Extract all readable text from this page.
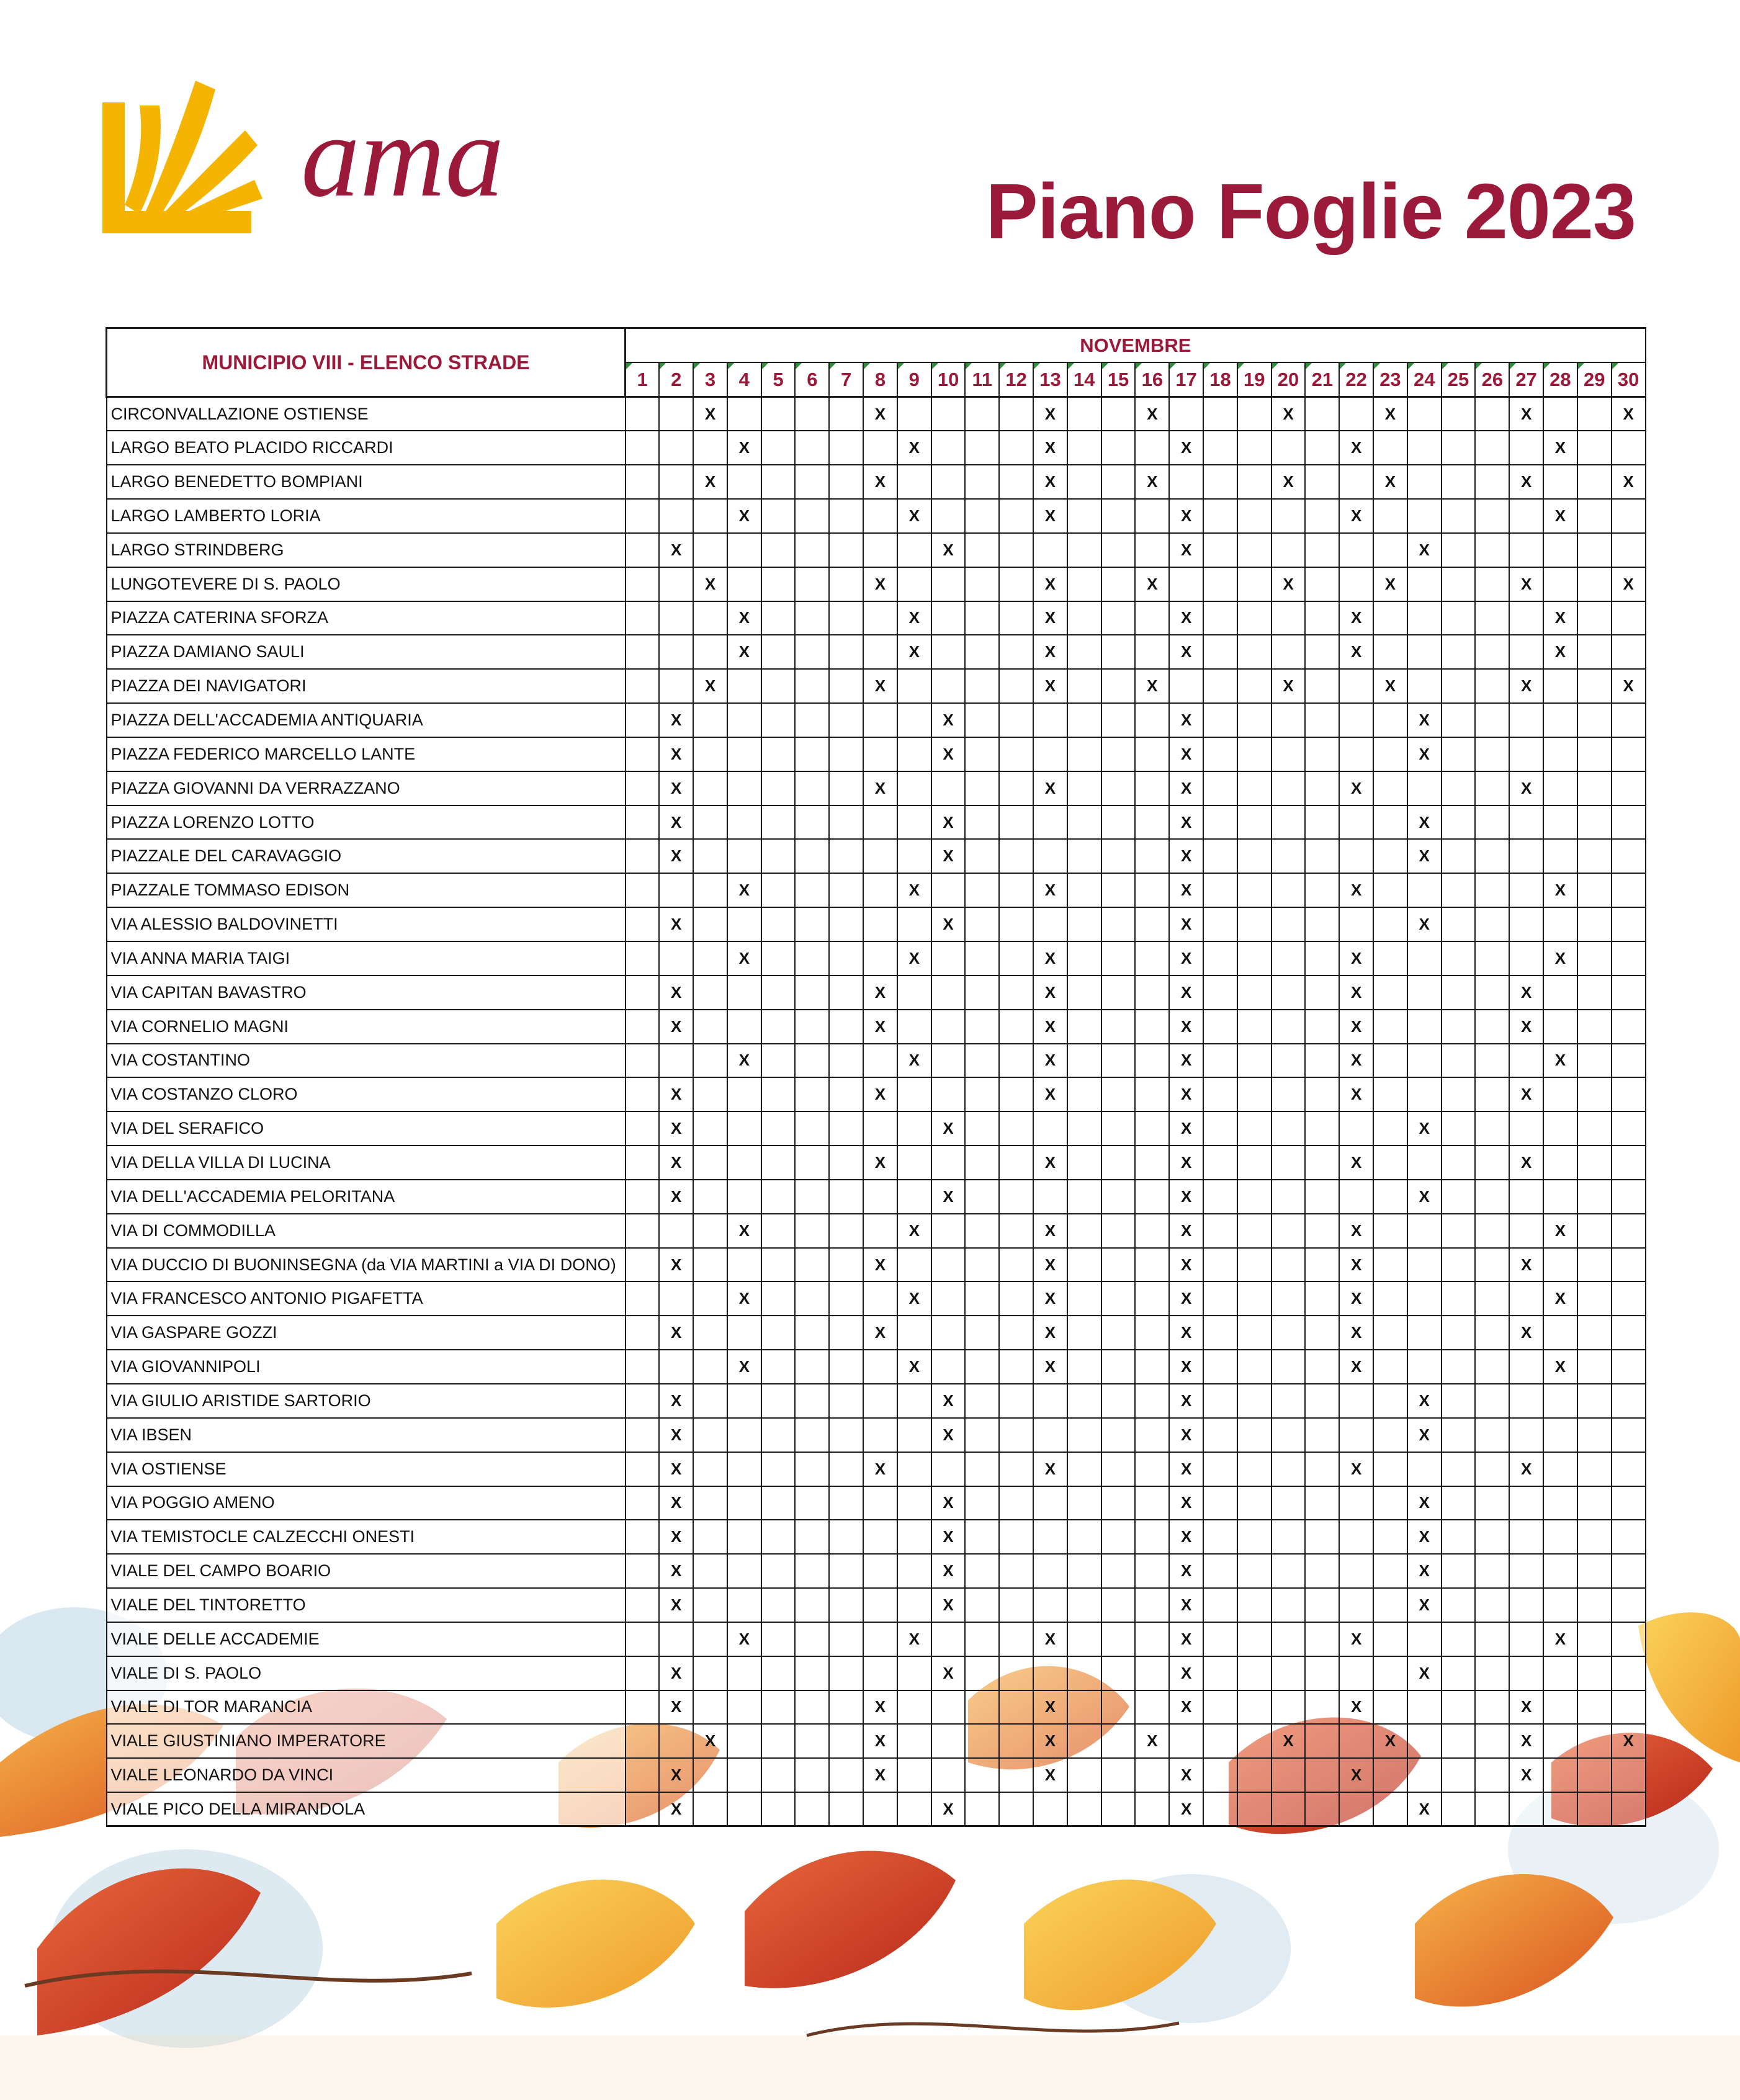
ama	Piano Foglie 2023
MUNICIPIO VIII - ELENCO STRADE	NOVEMBRE																													
	1	2	3	4	5	6	7	8	9	10	11	12	13	14	15	16	17	18	19	20	21	22	23	24	25	26	27	28	29	30
CIRCONVALLAZIONE OSTIENSE			X					X					X			X				X			X				X			X
LARGO BEATO PLACIDO RICCARDI				X					X				X				X					X						X		
LARGO BENEDETTO BOMPIANI			X					X					X			X				X			X				X			X
LARGO LAMBERTO LORIA				X					X				X				X					X						X		
LARGO STRINDBERG		X								X							X							X						
LUNGOTEVERE DI S. PAOLO			X					X					X			X				X			X				X			X
PIAZZA CATERINA SFORZA				X					X				X				X					X						X		
PIAZZA DAMIANO SAULI				X					X				X				X					X						X		
PIAZZA DEI NAVIGATORI			X					X					X			X				X			X				X			X
PIAZZA DELL'ACCADEMIA ANTIQUARIA		X								X							X							X						
PIAZZA FEDERICO MARCELLO LANTE		X								X							X							X						
PIAZZA GIOVANNI DA VERRAZZANO		X						X					X				X					X					X			
PIAZZA LORENZO LOTTO		X								X							X							X						
PIAZZALE DEL CARAVAGGIO		X								X							X							X						
PIAZZALE TOMMASO EDISON				X					X				X				X					X						X		
VIA ALESSIO BALDOVINETTI		X								X							X							X						
VIA ANNA MARIA TAIGI				X					X				X				X					X						X		
VIA CAPITAN BAVASTRO		X						X					X				X					X					X			
VIA CORNELIO MAGNI		X						X					X				X					X					X			
VIA COSTANTINO				X					X				X				X					X						X		
VIA COSTANZO CLORO		X						X					X				X					X					X			
VIA DEL SERAFICO		X								X							X							X						
VIA DELLA VILLA DI LUCINA		X						X					X				X					X					X			
VIA DELL'ACCADEMIA PELORITANA		X								X							X							X						
VIA DI COMMODILLA				X					X				X				X					X						X		
VIA DUCCIO DI BUONINSEGNA (da VIA MARTINI a VIA DI DONO)		X						X					X				X					X					X			
VIA FRANCESCO ANTONIO PIGAFETTA				X					X				X				X					X						X		
VIA GASPARE GOZZI		X						X					X				X					X					X			
VIA GIOVANNIPOLI				X					X				X				X					X						X		
VIA GIULIO ARISTIDE SARTORIO		X								X							X							X						
VIA IBSEN		X								X							X							X						
VIA OSTIENSE		X						X					X				X					X					X			
VIA POGGIO AMENO		X								X							X							X						
VIA TEMISTOCLE CALZECCHI ONESTI		X								X							X							X						
VIALE DEL CAMPO BOARIO		X								X							X							X						
VIALE DEL TINTORETTO		X								X							X							X						
VIALE DELLE ACCADEMIE				X					X				X				X					X						X		
VIALE DI S. PAOLO		X								X							X							X						
VIALE DI TOR MARANCIA		X						X					X				X					X					X			
VIALE GIUSTINIANO IMPERATORE			X					X					X			X				X			X				X			X
VIALE LEONARDO DA VINCI		X						X					X				X					X					X			
VIALE PICO DELLA MIRANDOLA		X								X							X							X						
